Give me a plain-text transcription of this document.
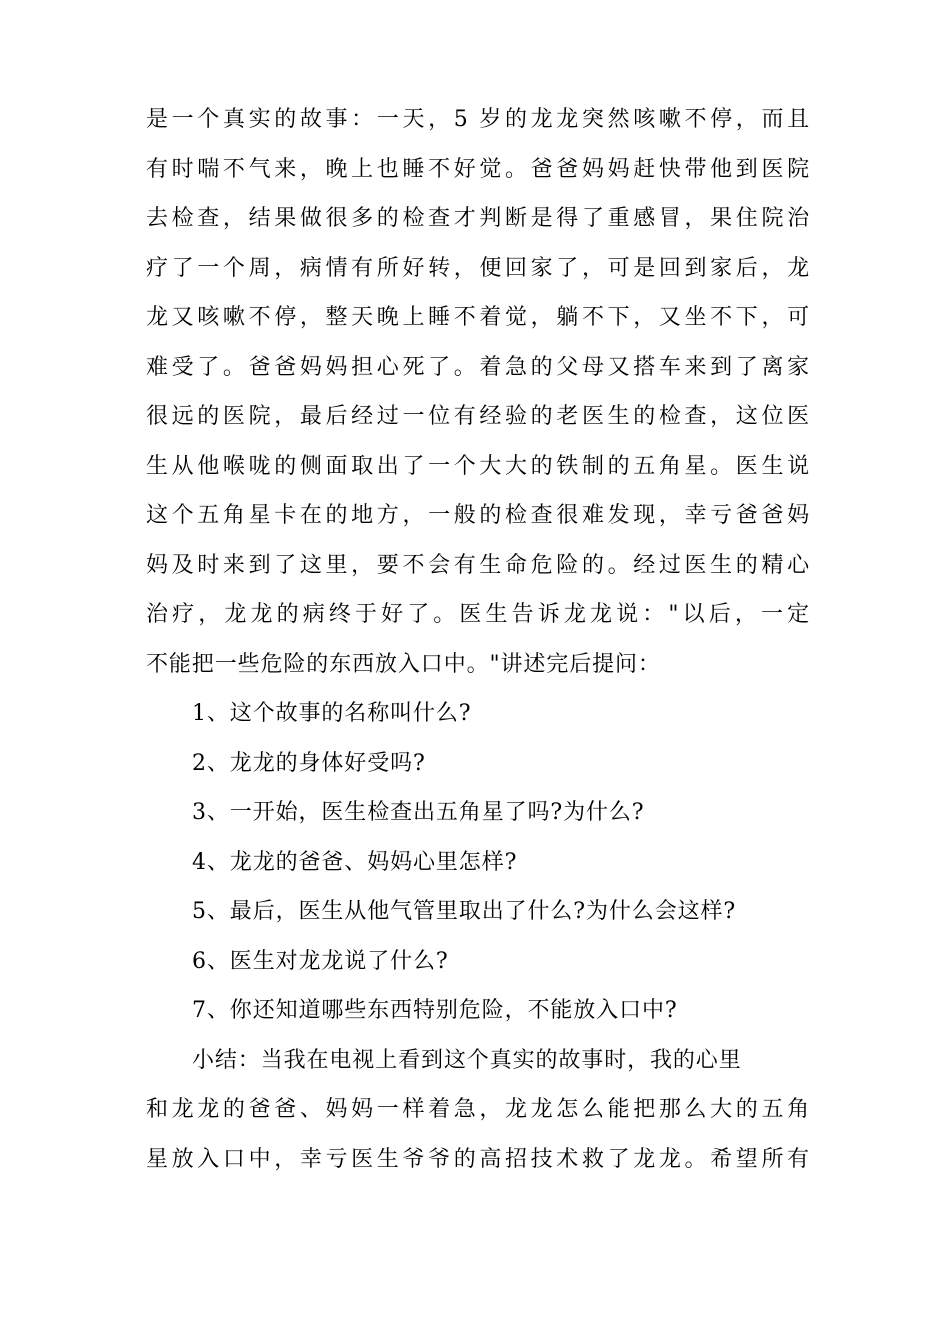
是一个真实的故事：一天，5 岁的龙龙突然咳嗽不停，而且
有时喘不气来，晚上也睡不好觉。爸爸妈妈赶快带他到医院
去检查，结果做很多的检查才判断是得了重感冒，果住院治
疗了一个周，病情有所好转，便回家了，可是回到家后，龙
龙又咳嗽不停，整天晚上睡不着觉，躺不下，又坐不下，可
难受了。爸爸妈妈担心死了。着急的父母又搭车来到了离家
很远的医院，最后经过一位有经验的老医生的检查，这位医
生从他喉咙的侧面取出了一个大大的铁制的五角星。医生说
这个五角星卡在的地方，一般的检查很难发现，幸亏爸爸妈
妈及时来到了这里，要不会有生命危险的。经过医生的精心
治疗，龙龙的病终于好了。医生告诉龙龙说："以后，一定
不能把一些危险的东西放入口中。"讲述完后提问：
1、这个故事的名称叫什么?
2、龙龙的身体好受吗?
3、一开始，医生检查出五角星了吗?为什么?
4、龙龙的爸爸、妈妈心里怎样?
5、最后，医生从他气管里取出了什么?为什么会这样?
6、医生对龙龙说了什么?
7、你还知道哪些东西特别危险，不能放入口中?
小结：当我在电视上看到这个真实的故事时，我的心里
和龙龙的爸爸、妈妈一样着急，龙龙怎么能把那么大的五角
星放入口中，幸亏医生爷爷的高招技术救了龙龙。希望所有
